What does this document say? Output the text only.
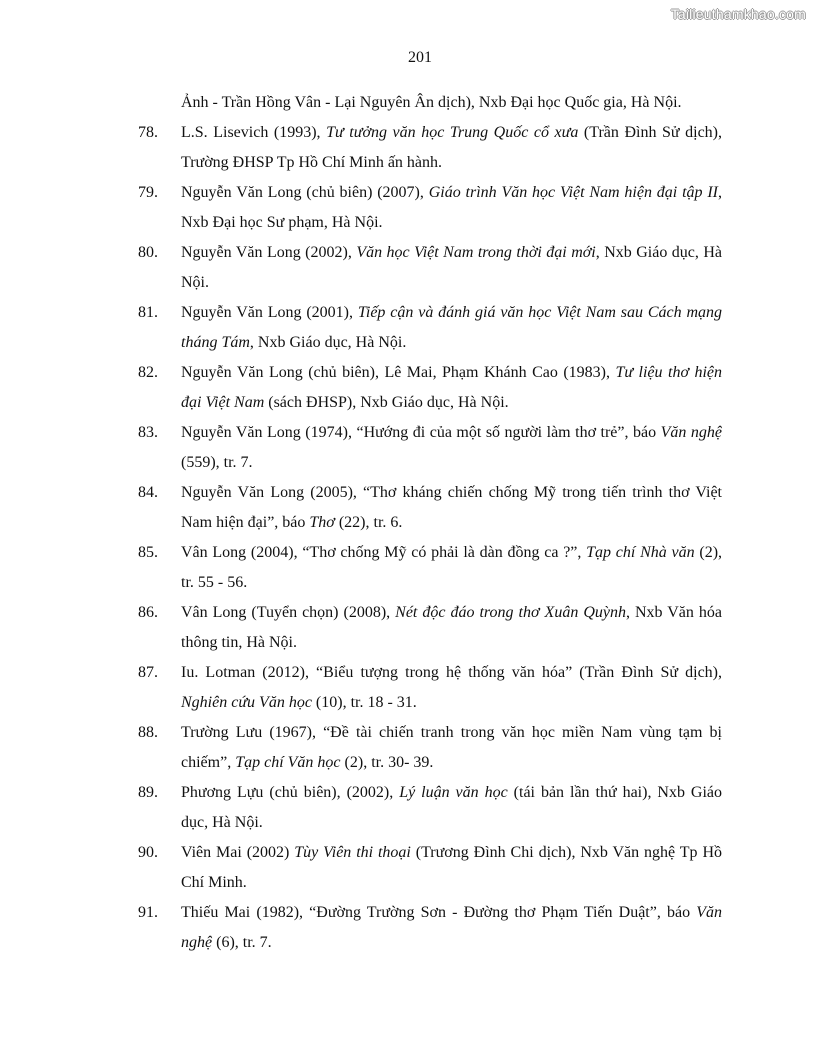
Tailieuthamkhao.com
201
Ảnh - Trần Hồng Vân - Lại Nguyên Ân dịch), Nxb Đại học Quốc gia, Hà Nội.
78.	L.S. Lisevich (1993), Tư tưởng văn học Trung Quốc cổ xưa (Trần Đình Sử dịch), Trường ĐHSP Tp Hồ Chí Minh ấn hành.
79.	Nguyễn Văn Long (chủ biên) (2007), Giáo trình Văn học Việt Nam hiện đại tập II, Nxb Đại học Sư phạm, Hà Nội.
80.	Nguyễn Văn Long (2002), Văn học Việt Nam trong thời đại mới, Nxb Giáo dục, Hà Nội.
81.	Nguyễn Văn Long (2001), Tiếp cận và đánh giá văn học Việt Nam sau Cách mạng tháng Tám, Nxb Giáo dục, Hà Nội.
82.	Nguyễn Văn Long (chủ biên), Lê Mai, Phạm Khánh Cao (1983), Tư liệu thơ hiện đại Việt Nam (sách ĐHSP), Nxb Giáo dục, Hà Nội.
83.	Nguyễn Văn Long (1974), “Hướng đi của một số người làm thơ trẻ”, báo Văn nghệ (559), tr. 7.
84.	Nguyễn Văn Long (2005), “Thơ kháng chiến chống Mỹ trong tiến trình thơ Việt Nam hiện đại”, báo Thơ (22), tr. 6.
85.	Vân Long (2004), “Thơ chống Mỹ có phải là dàn đồng ca ?”, Tạp chí Nhà văn (2), tr. 55 - 56.
86.	Vân Long (Tuyển chọn) (2008), Nét độc đáo trong thơ Xuân Quỳnh, Nxb Văn hóa thông tin, Hà Nội.
87.	Iu. Lotman (2012), “Biểu tượng trong hệ thống văn hóa” (Trần Đình Sử dịch), Nghiên cứu Văn học (10), tr. 18 - 31.
88.	Trường Lưu (1967), “Đề tài chiến tranh trong văn học miền Nam vùng tạm bị chiếm”, Tạp chí Văn học (2), tr. 30- 39.
89.	Phương Lựu (chủ biên), (2002), Lý luận văn học (tái bản lần thứ hai), Nxb Giáo dục, Hà Nội.
90.	Viên Mai (2002) Tùy Viên thi thoại (Trương Đình Chi dịch), Nxb Văn nghệ Tp Hồ Chí Minh.
91.	Thiếu Mai (1982), “Đường Trường Sơn - Đường thơ Phạm Tiến Duật”, báo Văn nghệ (6), tr. 7.
